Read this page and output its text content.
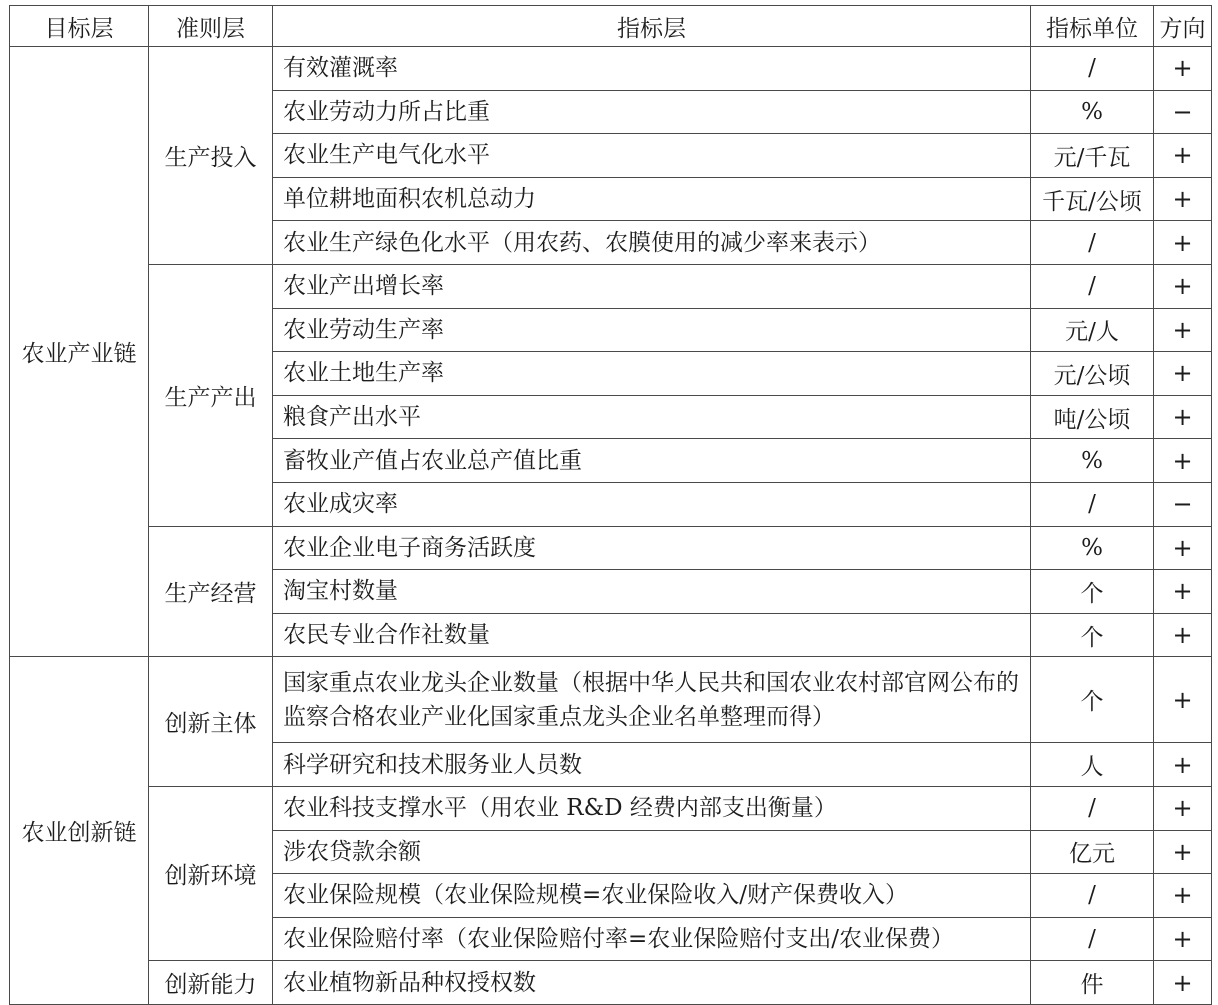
目标层	准则层	指标层	指标单位	方向
农业产业链	生产投入	有效灌溉率	/	+
		农业劳动力所占比重	%	−
		农业生产电气化水平	元/千瓦	+
		单位耕地面积农机总动力	千瓦/公顷	+
		农业生产绿色化水平（用农药、农膜使用的减少率来表示）	/	+
	生产产出	农业产出增长率	/	+
		农业劳动生产率	元/人	+
		农业土地生产率	元/公顷	+
		粮食产出水平	吨/公顷	+
		畜牧业产值占农业总产值比重	%	+
		农业成灾率	/	−
	生产经营	农业企业电子商务活跃度	%	+
		淘宝村数量	个	+
		农民专业合作社数量	个	+
农业创新链	创新主体	国家重点农业龙头企业数量（根据中华人民共和国农业农村部官网公布的监察合格农业产业化国家重点龙头企业名单整理而得）	个	+
		科学研究和技术服务业人员数	人	+
	创新环境	农业科技支撑水平（用农业 R&D 经费内部支出衡量）	/	+
		涉农贷款余额	亿元	+
		农业保险规模（农业保险规模=农业保险收入/财产保费收入）	/	+
		农业保险赔付率（农业保险赔付率=农业保险赔付支出/农业保费）	/	+
	创新能力	农业植物新品种权授权数	件	+
